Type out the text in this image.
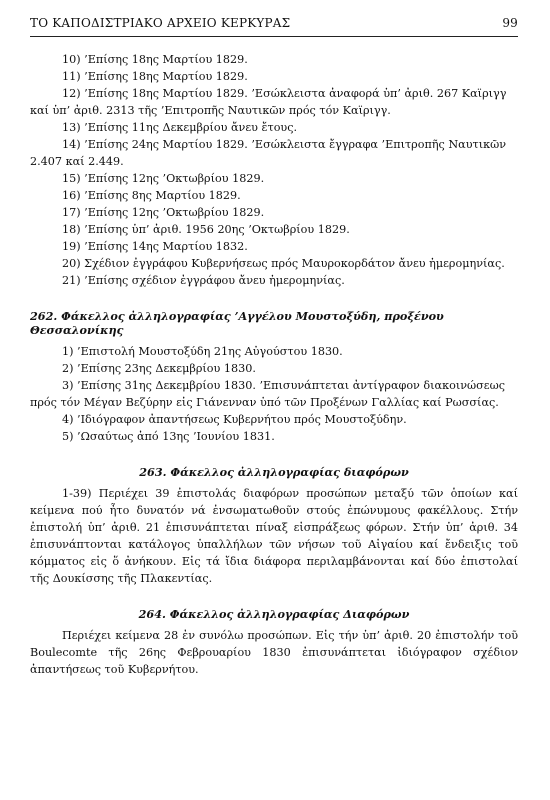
ΤΟ ΚΑΠΟΔΙΣΤΡΙΑΚΟ ΑΡΧΕΙΟ ΚΕΡΚΥΡΑΣ	99
10) ’Επίσης 18ης Μαρτίου 1829.
11) ’Επίσης 18ης Μαρτίου 1829.
12) ’Επίσης 18ης Μαρτίου 1829. ’Εσώκλειστα ἀναφορά ὑπ’ ἀριθ. 267 Καϊριγγ καί ὑπ’ ἀριθ. 2313 τῆς ’Επιτροπῆς Ναυτικῶν πρός τόν Καϊριγγ.
13) ’Επίσης 11ης Δεκεμβρίου ἄνευ ἔτους.
14) ’Επίσης 24ης Μαρτίου 1829. ’Εσώκλειστα ἔγγραφα ’Επιτροπῆς Ναυτικῶν 2.407 καί 2.449.
15) ’Επίσης 12ης ’Οκτωβρίου 1829.
16) ’Επίσης 8ης Μαρτίου 1829.
17) ’Επίσης 12ης ’Οκτωβρίου 1829.
18) ’Επίσης ὑπ’ ἀριθ. 1956 20ης ’Οκτωβρίου 1829.
19) ’Επίσης 14ης Μαρτίου 1832.
20) Σχέδιον ἐγγράφου Κυβερνήσεως πρός Μαυροκορδάτον ἄνευ ἡμερομηνίας.
21) ’Επίσης σχέδιον ἐγγράφου ἄνευ ἡμερομηνίας.
262. Φάκελλος ἀλληλογραφίας ’Αγγέλου Μουστοξύδη, προξένου Θεσσαλονίκης
1) ’Επιστολή Μουστοξύδη 21ης Αὐγούστου 1830.
2) ’Επίσης 23ης Δεκεμβρίου 1830.
3) ’Επίσης 31ης Δεκεμβρίου 1830. ’Επισυνάπτεται ἀντίγραφον διακοινώσεως πρός τόν Μέγαν Βεζύρην εἰς Γιάνενναν ὑπό τῶν Προξένων Γαλλίας καί Ρωσσίας.
4) ’Ιδιόγραφον ἀπαντήσεως Κυβερνήτου πρός Μουστοξύδην.
5) ’Ωσαύτως ἀπό 13ης ’Ιουνίου 1831.
263. Φάκελλος ἀλληλογραφίας διαφόρων

1-39) Περιέχει 39 ἐπιστολάς διαφόρων προσώπων μεταξύ τῶν ὁποίων καί κείμενα πού ἦτο δυνατόν νά ἐνσωματωθοῦν στούς ἐπώνυμους φακέλλους. Στήν ἐπιστολή ὑπ’ ἀριθ. 21 ἐπισυνάπτεται πίναξ εἰσπράξεως φόρων. Στήν ὑπ’ ἀριθ. 34 ἐπισυνάπτονται κατάλογος ὑπαλλήλων τῶν νήσων τοῦ Αἰγαίου καί ἔνδειξις τοῦ κόμματος εἰς ὅ ἀνήκουν. Εἰς τά ἴδια διάφορα περιλαμβάνονται καί δύο ἐπιστολαί τῆς Δουκίσσης τῆς Πλακεντίας.

264. Φάκελλος ἀλληλογραφίας Διαφόρων

Περιέχει κείμενα 28 ἐν συνόλω προσώπων. Εἰς τήν ὑπ’ ἀριθ. 20 ἐπιστολήν τοῦ Boulecomte τῆς 26ης Φεβρουαρίου 1830 ἐπισυνάπτεται ἰδιόγραφον σχέδιον ἀπαντήσεως τοῦ Κυβερνήτου.
